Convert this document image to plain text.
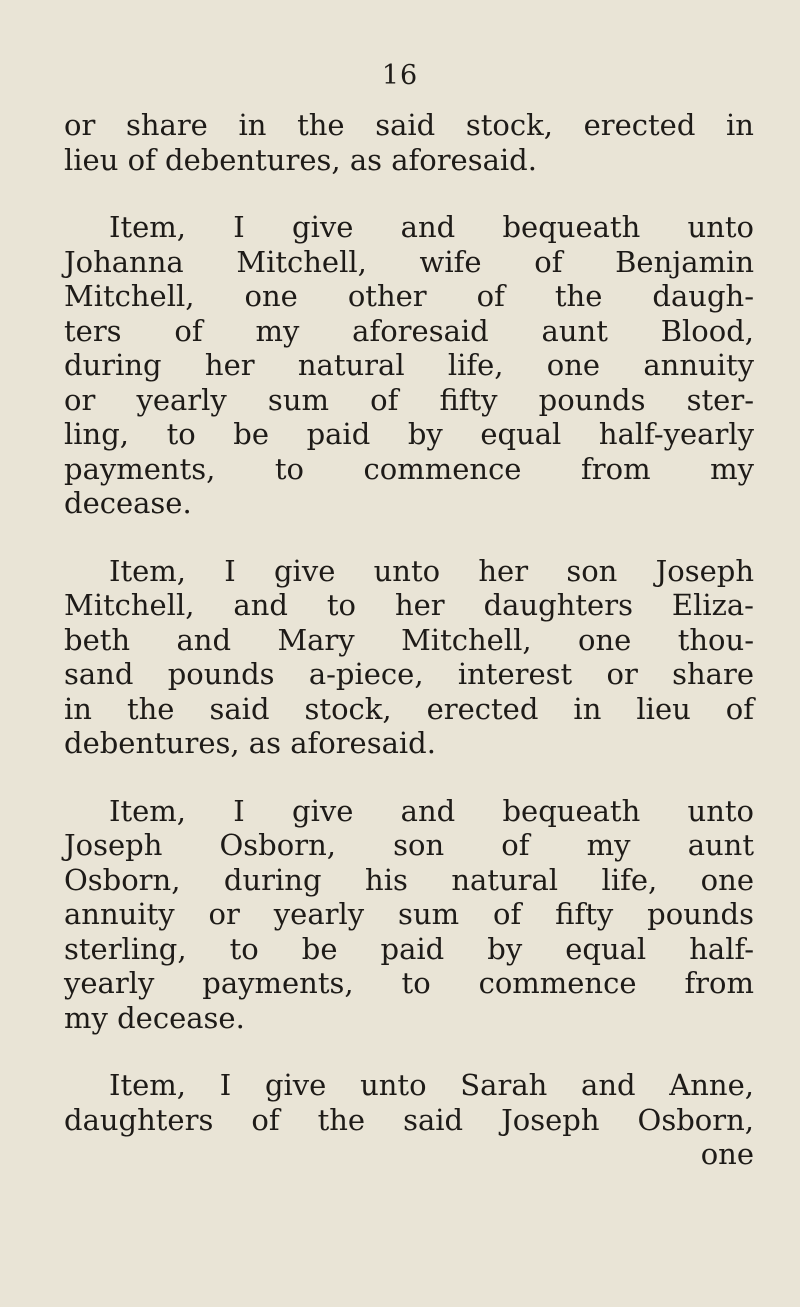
16
or share in the said stock, erected in
lieu of debentures, as aforesaid.
Item, I give and bequeath unto
Johanna Mitchell, wife of Benjamin
Mitchell, one other of the daugh-
ters of my aforesaid aunt Blood,
during her natural life, one annuity
or yearly sum of fifty pounds ster-
ling, to be paid by equal half-yearly
payments, to commence from my
decease.
Item, I give unto her son Joseph
Mitchell, and to her daughters Eliza-
beth and Mary Mitchell, one thou-
sand pounds a-piece, interest or share
in the said stock, erected in lieu of
debentures, as aforesaid.
Item, I give and bequeath unto
Joseph Osborn, son of my aunt
Osborn, during his natural life, one
annuity or yearly sum of fifty pounds
sterling, to be paid by equal half-
yearly payments, to commence from
my decease.
Item, I give unto Sarah and Anne,
daughters of the said Joseph Osborn,
one
